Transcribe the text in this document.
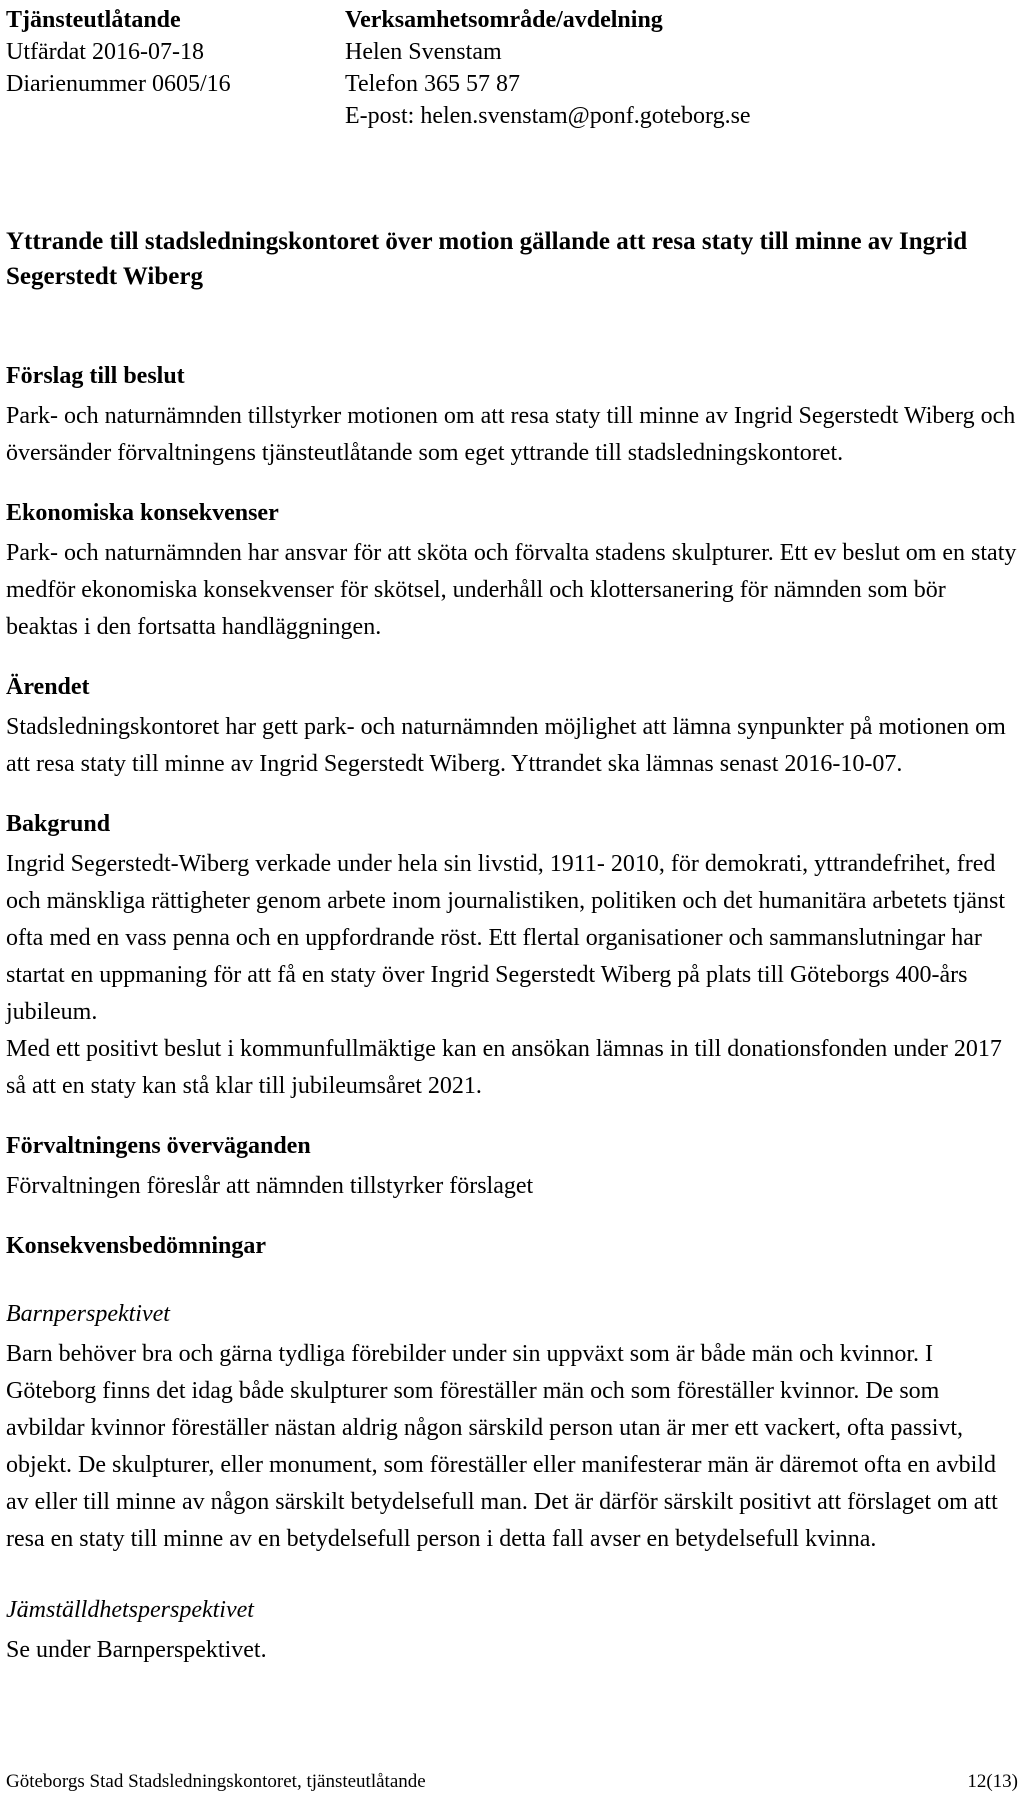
Tjänsteutlåtande
Utfärdat 2016-07-18
Diarienummer 0605/16
Verksamhetsområde/avdelning
Helen Svenstam
Telefon 365 57 87
E-post: helen.svenstam@ponf.goteborg.se
Yttrande till stadsledningskontoret över motion gällande att resa staty till minne av Ingrid Segerstedt Wiberg

Förslag till beslut

Park- och naturnämnden tillstyrker motionen om att resa staty till minne av Ingrid Segerstedt Wiberg och översänder förvaltningens tjänsteutlåtande som eget yttrande till stadsledningskontoret.

Ekonomiska konsekvenser

Park- och naturnämnden har ansvar för att sköta och förvalta stadens skulpturer. Ett ev beslut om en staty medför ekonomiska konsekvenser för skötsel, underhåll och klottersanering för nämnden som bör beaktas i den fortsatta handläggningen.

Ärendet

Stadsledningskontoret har gett park- och naturnämnden möjlighet att lämna synpunkter på motionen om att resa staty till minne av Ingrid Segerstedt Wiberg. Yttrandet ska lämnas senast 2016-10-07.

Bakgrund

Ingrid Segerstedt-Wiberg verkade under hela sin livstid, 1911- 2010, för demokrati, yttrandefrihet, fred och mänskliga rättigheter genom arbete inom journalistiken, politiken och det humanitära arbetets tjänst ofta med en vass penna och en uppfordrande röst. Ett flertal organisationer och sammanslutningar har startat en uppmaning för att få en staty över Ingrid Segerstedt Wiberg på plats till Göteborgs 400-års jubileum.

Med ett positivt beslut i kommunfullmäktige kan en ansökan lämnas in till donationsfonden under 2017 så att en staty kan stå klar till jubileumsåret 2021.

Förvaltningens överväganden

Förvaltningen föreslår att nämnden tillstyrker förslaget

Konsekvensbedömningar

Barnperspektivet

Barn behöver bra och gärna tydliga förebilder under sin uppväxt som är både män och kvinnor. I Göteborg finns det idag både skulpturer som föreställer män och som föreställer kvinnor. De som avbildar kvinnor föreställer nästan aldrig någon särskild person utan är mer ett vackert, ofta passivt, objekt. De skulpturer, eller monument, som föreställer eller manifesterar män är däremot ofta en avbild av eller till minne av någon särskilt betydelsefull man. Det är därför särskilt positivt att förslaget om att resa en staty till minne av en betydelsefull person i detta fall avser en betydelsefull kvinna.

Jämställdhetsperspektivet

Se under Barnperspektivet.

Göteborgs Stad Stadsledningskontoret, tjänsteutlåtande	12(13)
